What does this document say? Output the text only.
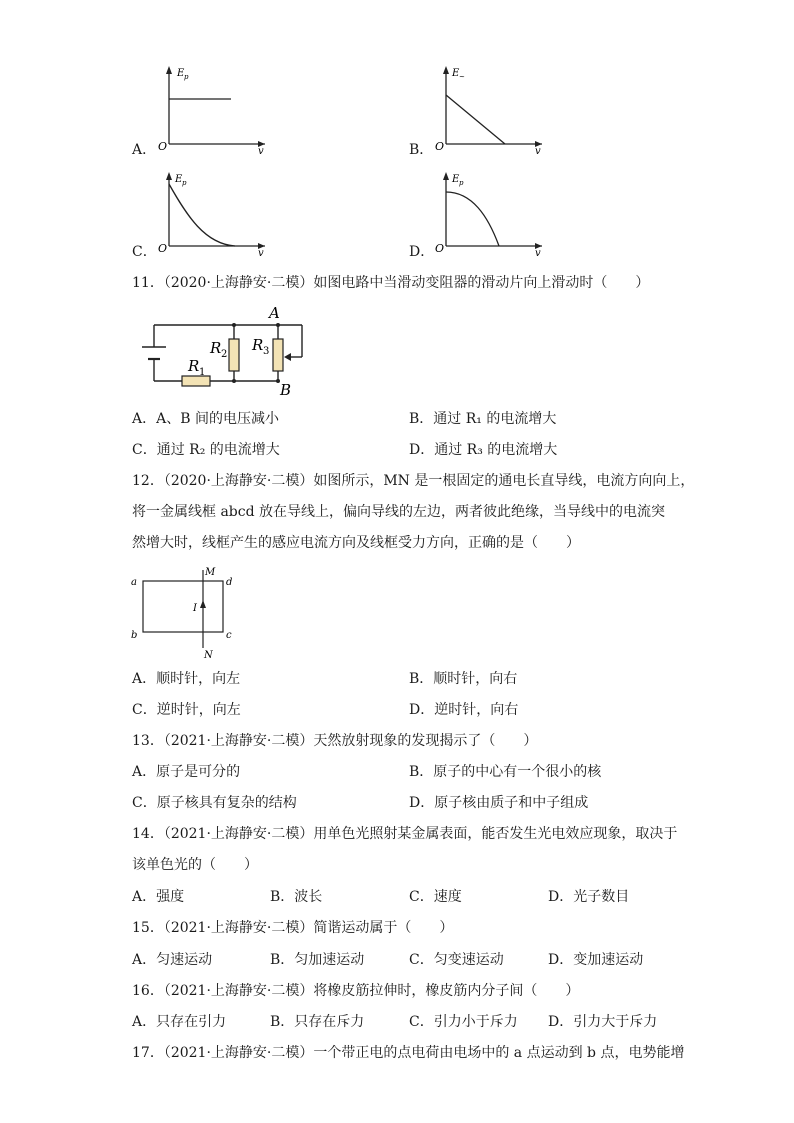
A．
E p
O	v	B．
E ~
O	v
C．
E p
O	v	D．
E p
O	v
11．（2020·上海静安·二模）如图电路中当滑动变阻器的滑动片向上滑动时（　　）
A
B
R 1
R 2
R 3
A．A、B 间的电压减小	B．通过 R₁ 的电流增大
C．通过 R₂ 的电流增大	D．通过 R₃ 的电流增大
12．（2020·上海静安·二模）如图所示，MN 是一根固定的通电长直导线，电流方向向上，
将一金属线框 abcd 放在导线上，偏向导线的左边，两者彼此绝缘，当导线中的电流突
然增大时，线框产生的感应电流方向及线框受力方向，正确的是（　　）
a
b	c
d
M
N
I
A．顺时针，向左	B．顺时针，向右
C．逆时针，向左	D．逆时针，向右
13．（2021·上海静安·二模）天然放射现象的发现揭示了（　　）
A．原子是可分的	B．原子的中心有一个很小的核
C．原子核具有复杂的结构	D．原子核由质子和中子组成
14．（2021·上海静安·二模）用单色光照射某金属表面，能否发生光电效应现象，取决于
该单色光的（　　）
A．强度	B．波长	C．速度	D．光子数目
15．（2021·上海静安·二模）简谐运动属于（　　）
A．匀速运动	B．匀加速运动	C．匀变速运动	D．变加速运动
16．（2021·上海静安·二模）将橡皮筋拉伸时，橡皮筋内分子间（　　）
A．只存在引力	B．只存在斥力	C．引力小于斥力 D．引力大于斥力
17．（2021·上海静安·二模）一个带正电的点电荷由电场中的 a 点运动到 b 点，电势能增
